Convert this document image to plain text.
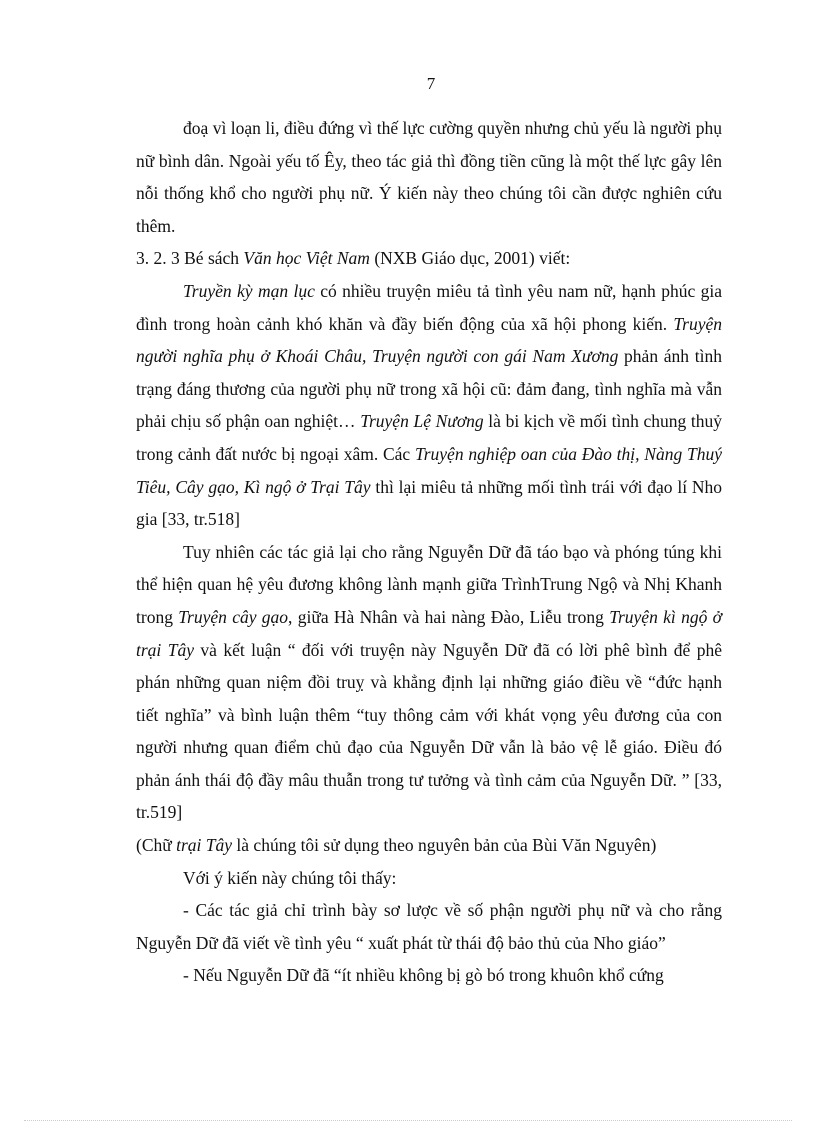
7

đoạ vì loạn li, điều đứng vì thế lực cường quyền nhưng chủ yếu là người phụ nữ bình dân. Ngoài yếu tố Êy, theo tác giả thì đồng tiền cũng là một thế lực gây lên nỗi thống khổ cho người phụ nữ. Ý kiến này theo chúng tôi cần được nghiên cứu thêm.

3. 2. 3 Bé sách Văn học Việt Nam (NXB Giáo dục, 2001) viết:

Truyền kỳ mạn lục có nhiều truyện miêu tả tình yêu nam nữ, hạnh phúc gia đình trong hoàn cảnh khó khăn và đầy biến động của xã hội phong kiến. Truyện người nghĩa phụ ở Khoái Châu, Truyện người con gái Nam Xương phản ánh tình trạng đáng thương của người phụ nữ trong xã hội cũ: đảm đang, tình nghĩa mà vẫn phải chịu số phận oan nghiệt… Truyện Lệ Nương là bi kịch về mối tình chung thuỷ trong cảnh đất nước bị ngoại xâm. Các Truyện nghiệp oan của Đào thị, Nàng Thuý Tiêu, Cây gạo, Kì ngộ ở Trại Tây thì lại miêu tả những mối tình trái với đạo lí Nho gia [33, tr.518]

Tuy nhiên các tác giả lại cho rằng Nguyễn Dữ đã táo bạo và phóng túng khi thể hiện quan hệ yêu đương không lành mạnh giữa TrìnhTrung Ngộ và Nhị Khanh trong Truyện cây gạo, giữa Hà Nhân và hai nàng Đào, Liễu trong Truyện kì ngộ ở trại Tây và kết luận “ đối với truyện này Nguyễn Dữ đã có lời phê bình để phê phán những quan niệm đồi truỵ và khẳng định lại những giáo điều về “đức hạnh tiết nghĩa” và bình luận thêm “tuy thông cảm với khát vọng yêu đương của con người nhưng quan điểm chủ đạo của Nguyễn Dữ vẫn là bảo vệ lễ giáo. Điều đó phản ánh thái độ đầy mâu thuẫn trong tư tưởng và tình cảm của Nguyễn Dữ. ” [33, tr.519]

(Chữ trại Tây là chúng tôi sử dụng theo nguyên bản của Bùi Văn Nguyên)

Với ý kiến này chúng tôi thấy:

- Các tác giả chỉ trình bày sơ lược về số phận người phụ nữ và cho rằng Nguyễn Dữ đã viết về tình yêu “ xuất phát từ thái độ bảo thủ của Nho giáo”

- Nếu Nguyễn Dữ đã “ít nhiều không bị gò bó trong khuôn khổ cứng
